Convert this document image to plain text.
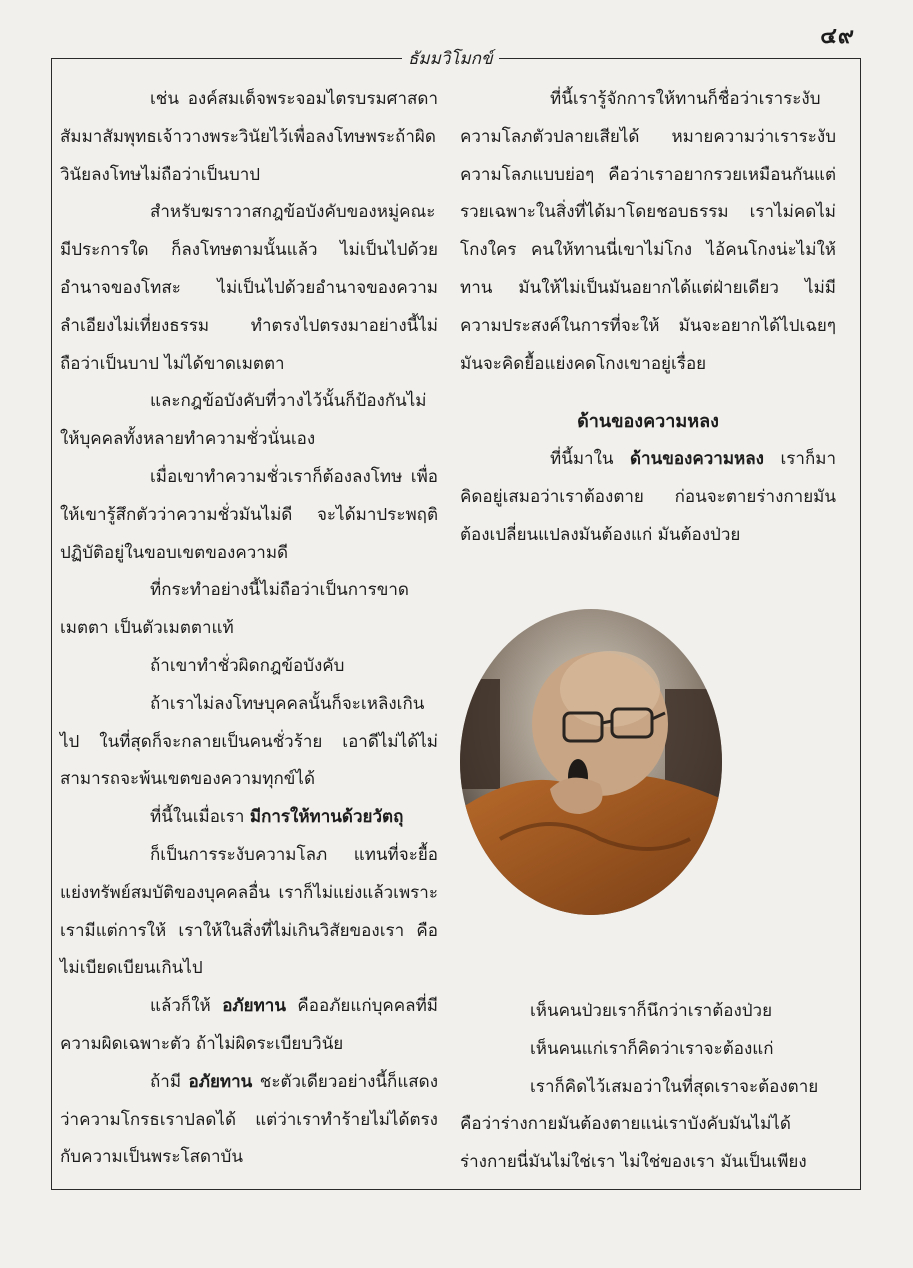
๔๙
ธัมมวิโมกข์

เช่น องค์สมเด็จพระจอมไตรบรมศาสดาสัมมาสัมพุทธเจ้าวางพระวินัยไว้เพื่อลงโทษพระถ้าผิดวินัยลงโทษไม่ถือว่าเป็นบาป

สำหรับฆราวาสกฎข้อบังคับของหมู่คณะมีประการใด ก็ลงโทษตามนั้นแล้ว ไม่เป็นไปด้วยอำนาจของโทสะ ไม่เป็นไปด้วยอำนาจของความลำเอียงไม่เที่ยงธรรม ทำตรงไปตรงมาอย่างนี้ไม่ถือว่าเป็นบาป ไม่ได้ขาดเมตตา

และกฎข้อบังคับที่วางไว้นั้นก็ป้องกันไม่ให้บุคคลทั้งหลายทำความชั่วนั่นเอง

เมื่อเขาทำความชั่วเราก็ต้องลงโทษ เพื่อให้เขารู้สึกตัวว่าความชั่วมันไม่ดี จะได้มาประพฤติปฏิบัติอยู่ในขอบเขตของความดี

ที่กระทำอย่างนี้ไม่ถือว่าเป็นการขาดเมตตา เป็นตัวเมตตาแท้

ถ้าเขาทำชั่วผิดกฎข้อบังคับ

ถ้าเราไม่ลงโทษบุคคลนั้นก็จะเหลิงเกินไป ในที่สุดก็จะกลายเป็นคนชั่วร้าย เอาดีไม่ได้ไม่สามารถจะพ้นเขตของความทุกข์ได้

ที่นี้ในเมื่อเรา มีการให้ทานด้วยวัตถุ

ก็เป็นการระงับความโลภ แทนที่จะยื้อแย่งทรัพย์สมบัติของบุคคลอื่น เราก็ไม่แย่งแล้วเพราะเรามีแต่การให้ เราให้ในสิ่งที่ไม่เกินวิสัยของเรา คือไม่เบียดเบียนเกินไป

แล้วก็ให้ อภัยทาน คืออภัยแก่บุคคลที่มีความผิดเฉพาะตัว ถ้าไม่ผิดระเบียบวินัย

ถ้ามี อภัยทาน ชะตัวเดียวอย่างนี้ก็แสดงว่าความโกรธเราปลดได้ แต่ว่าเราทำร้ายไม่ได้ตรงกับความเป็นพระโสดาบัน

ที่นี้เรารู้จักการให้ทานก็ชื่อว่าเราระงับความโลภตัวปลายเสียได้ หมายความว่าเราระงับความโลภแบบย่อๆ คือว่าเราอยากรวยเหมือนกันแต่รวยเฉพาะในสิ่งที่ได้มาโดยชอบธรรม เราไม่คดไม่โกงใคร คนให้ทานนี่เขาไม่โกง ไอ้คนโกงน่ะไม่ให้ทาน มันให้ไม่เป็นมันอยากได้แต่ฝ่ายเดียว ไม่มีความประสงค์ในการที่จะให้ มันจะอยากได้ไปเฉยๆ มันจะคิดยื้อแย่งคดโกงเขาอยู่เรื่อย

ด้านของความหลง

ที่นี้มาใน ด้านของความหลง เราก็มาคิดอยู่เสมอว่าเราต้องตาย ก่อนจะตายร่างกายมันต้องเปลี่ยนแปลงมันต้องแก่ มันต้องป่วย

เห็นคนป่วยเราก็นึกว่าเราต้องป่วย

เห็นคนแก่เราก็คิดว่าเราจะต้องแก่

เราก็คิดไว้เสมอว่าในที่สุดเราจะต้องตายคือว่าร่างกายมันต้องตายแน่เราบังคับมันไม่ได้ร่างกายนี่มันไม่ใช่เรา ไม่ใช่ของเรา มันเป็นเพียง
